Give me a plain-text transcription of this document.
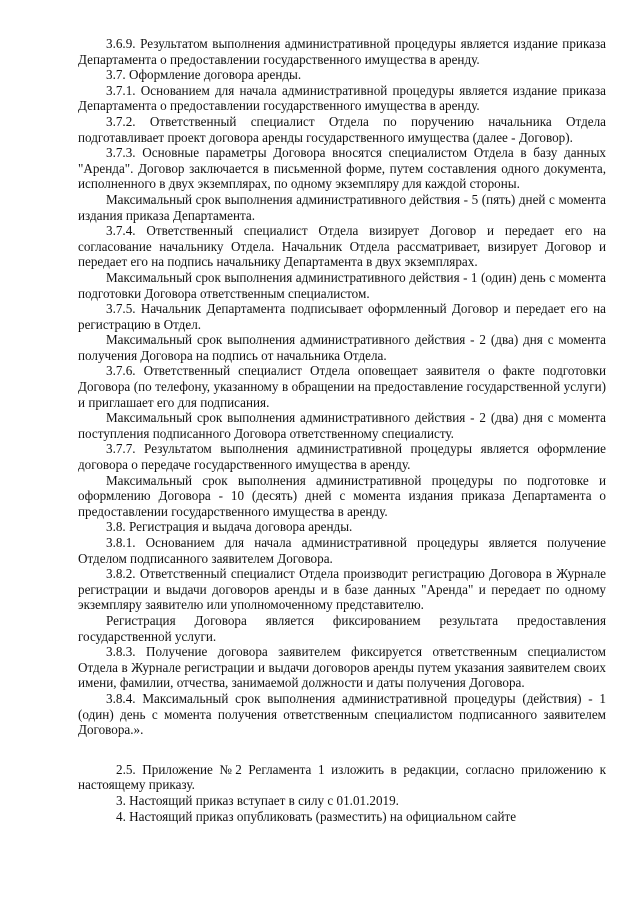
3.6.9. Результатом выполнения административной процедуры является издание приказа Департамента о предоставлении государственного имущества в аренду.

3.7. Оформление договора аренды.

3.7.1. Основанием для начала административной процедуры является издание приказа Департамента о предоставлении государственного имущества в аренду.

3.7.2. Ответственный специалист Отдела по поручению начальника Отдела подготавливает проект договора аренды государственного имущества (далее - Договор).

3.7.3. Основные параметры Договора вносятся специалистом Отдела в базу данных "Аренда". Договор заключается в письменной форме, путем составления одного документа, исполненного в двух экземплярах, по одному экземпляру для каждой стороны.

Максимальный срок выполнения административного действия - 5 (пять) дней с момента издания приказа Департамента.

3.7.4. Ответственный специалист Отдела визирует Договор и передает его на согласование начальнику Отдела. Начальник Отдела рассматривает, визирует Договор и передает его на подпись начальнику Департамента в двух экземплярах.

Максимальный срок выполнения административного действия - 1 (один) день с момента подготовки Договора ответственным специалистом.

3.7.5. Начальник Департамента подписывает оформленный Договор и передает его на регистрацию в Отдел.

Максимальный срок выполнения административного действия - 2 (два) дня с момента получения Договора на подпись от начальника Отдела.

3.7.6. Ответственный специалист Отдела оповещает заявителя о факте подготовки Договора (по телефону, указанному в обращении на предоставление государственной услуги) и приглашает его для подписания.

Максимальный срок выполнения административного действия - 2 (два) дня с момента поступления подписанного Договора ответственному специалисту.

3.7.7. Результатом выполнения административной процедуры является оформление договора о передаче государственного имущества в аренду.

Максимальный срок выполнения административной процедуры по подготовке и оформлению Договора - 10 (десять) дней с момента издания приказа Департамента о предоставлении государственного имущества в аренду.

3.8. Регистрация и выдача договора аренды.

3.8.1. Основанием для начала административной процедуры является получение Отделом подписанного заявителем Договора.

3.8.2. Ответственный специалист Отдела производит регистрацию Договора в Журнале регистрации и выдачи договоров аренды и в базе данных "Аренда" и передает по одному экземпляру заявителю или уполномоченному представителю.

Регистрация Договора является фиксированием результата предоставления государственной услуги.

3.8.3. Получение договора заявителем фиксируется ответственным специалистом Отдела в Журнале регистрации и выдачи договоров аренды путем указания заявителем своих имени, фамилии, отчества, занимаемой должности и даты получения Договора.

3.8.4. Максимальный срок выполнения административной процедуры (действия) - 1 (один) день с момента получения ответственным специалистом подписанного заявителем Договора.».

2.5. Приложение №2 Регламента 1 изложить в редакции, согласно приложению к настоящему приказу.

3. Настоящий приказ вступает в силу с 01.01.2019.

4. Настоящий приказ опубликовать (разместить) на официальном сайте
